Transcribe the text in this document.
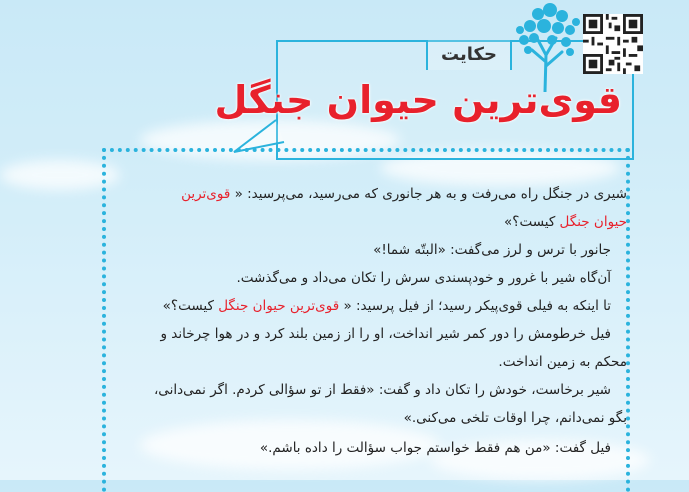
حکایت
قوی‌ترین حیوان جنگل
شیری در جنگل راه می‌رفت و به هر جانوری که می‌رسید، می‌پرسید: « قوی‌ترین
حیوان جنگل کیست؟»
جانور با ترس و لرز می‌گفت: «البتّه شما!»
آن‌گاه شیر با غرور و خودپسندی سرش را تکان می‌داد و می‌گذشت.
تا اینکه به فیلی قوی‌پیکر رسید؛ از فیل پرسید: « قوی‌ترین حیوان جنگل کیست؟»
فیل خرطومش را دور کمر شیر انداخت، او را از زمین بلند کرد و در هوا چرخاند و
محکم به زمین انداخت.
شیر برخاست، خودش را تکان داد و گفت: «فقط از تو سؤالی کردم. اگر نمی‌دانی،
بگو نمی‌دانم، چرا اوقات تلخی می‌کنی.»
فیل گفت: «من هم فقط خواستم جواب سؤالت را داده باشم.»
